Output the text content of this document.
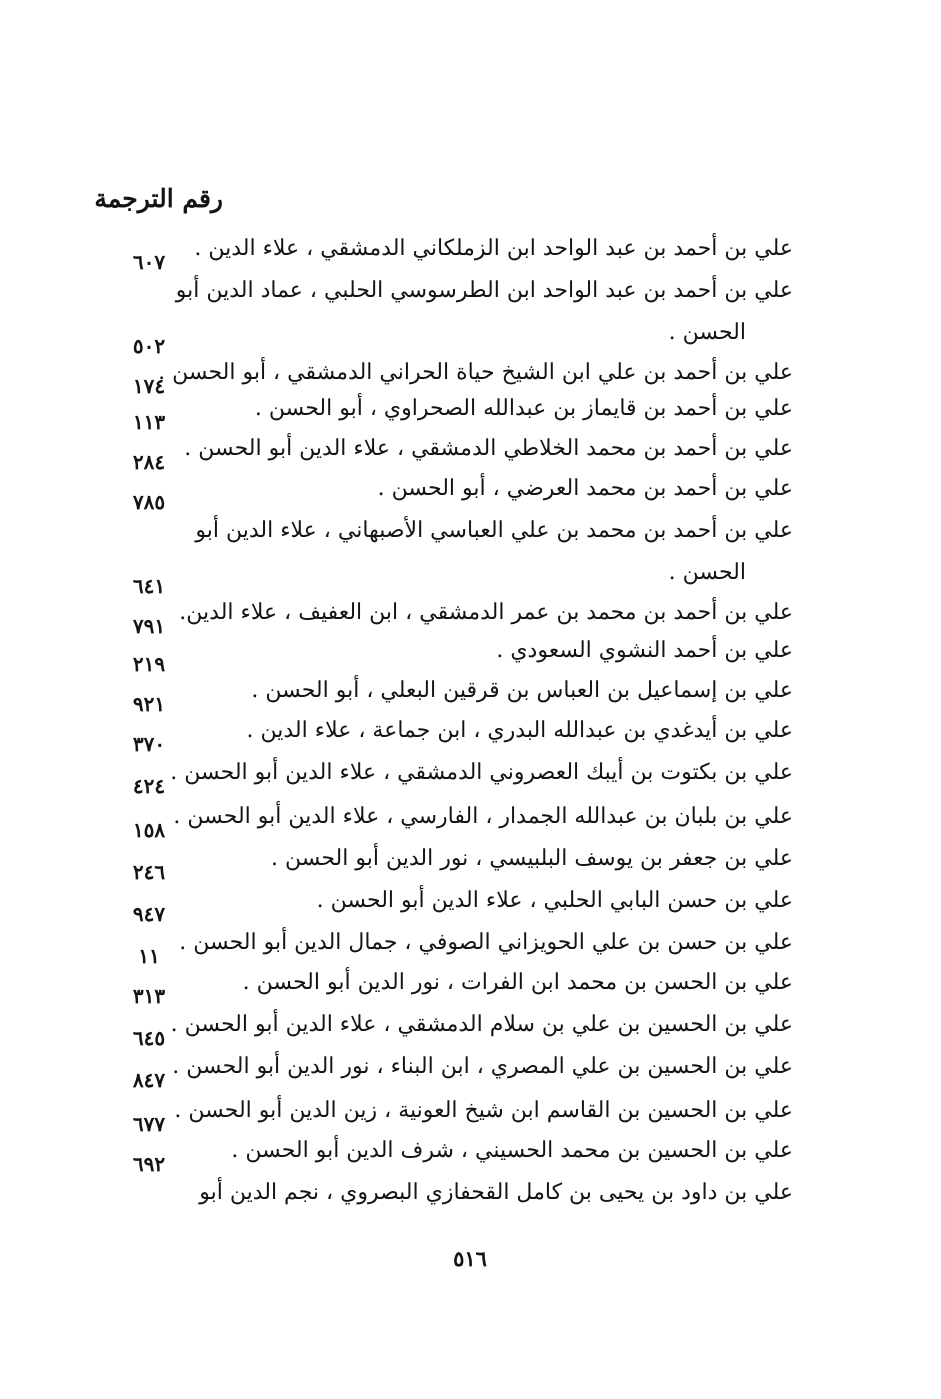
رقم الترجمة
علي بن أحمد بن عبد الواحد ابن الزملكاني الدمشقي ، علاء الدين .
٦٠٧
علي بن أحمد بن عبد الواحد ابن الطرسوسي الحلبي ، عماد الدين أبو
الحسن .
٥٠٢
علي بن أحمد بن علي ابن الشيخ حياة الحراني الدمشقي ، أبو الحسن .
١٧٤
علي بن أحمد بن قايماز بن عبدالله الصحراوي ، أبو الحسن .
١١٣
علي بن أحمد بن محمد الخلاطي الدمشقي ، علاء الدين أبو الحسن .
٢٨٤
علي بن أحمد بن محمد العرضي ، أبو الحسن .
٧٨٥
علي بن أحمد بن محمد بن علي العباسي الأصبهاني ، علاء الدين أبو
الحسن .
٦٤١
علي بن أحمد بن محمد بن عمر الدمشقي ، ابن العفيف ، علاء الدين.
٧٩١
علي بن أحمد النشوي السعودي .
٢١٩
علي بن إسماعيل بن العباس بن قرقين البعلي ، أبو الحسن .
٩٢١
علي بن أيدغدي بن عبدالله البدري ، ابن جماعة ، علاء الدين .
٣٧٠
علي بن بكتوت بن أيبك العصروني الدمشقي ، علاء الدين أبو الحسن .
٤٢٤
علي بن بلبان بن عبدالله الجمدار ، الفارسي ، علاء الدين أبو الحسن .
١٥٨
علي بن جعفر بن يوسف البلبيسي ، نور الدين أبو الحسن .
٢٤٦
علي بن حسن البابي الحلبي ، علاء الدين أبو الحسن .
٩٤٧
علي بن حسن بن علي الحويزاني الصوفي ، جمال الدين أبو الحسن .
١١
علي بن الحسن بن محمد ابن الفرات ، نور الدين أبو الحسن .
٣١٣
علي بن الحسين بن علي بن سلام الدمشقي ، علاء الدين أبو الحسن .
٦٤٥
علي بن الحسين بن علي المصري ، ابن البناء ، نور الدين أبو الحسن .
٨٤٧
علي بن الحسين بن القاسم ابن شيخ العونية ، زين الدين أبو الحسن .
٦٧٧
علي بن الحسين بن محمد الحسيني ، شرف الدين أبو الحسن .
٦٩٢
علي بن داود بن يحيى بن كامل القحفازي البصروي ، نجم الدين أبو
٥١٦
